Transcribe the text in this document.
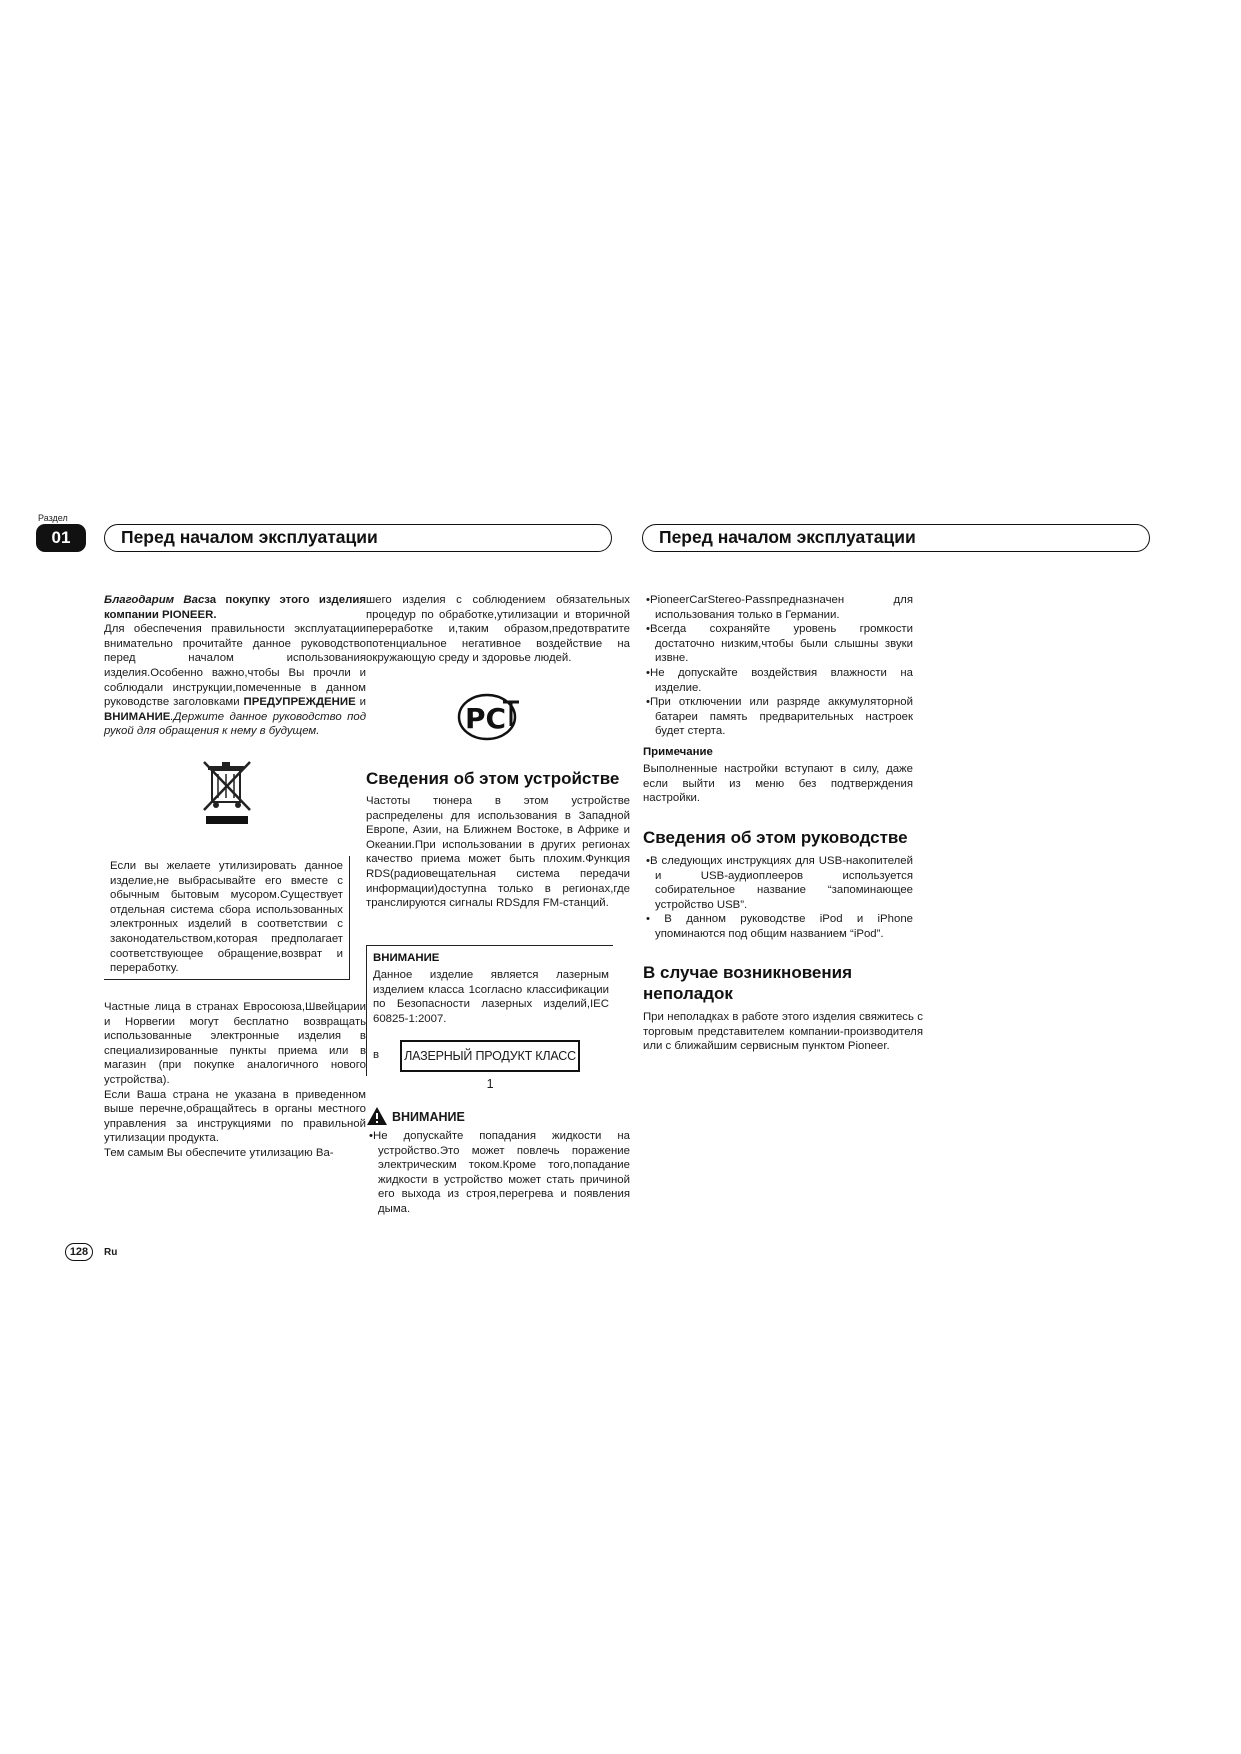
Раздел
01	Перед началом эксплуатации	Перед началом эксплуатации

Благодарим Васза покупку этого изделия компании PIONEER.

Для обеспечения правильности эксплуатации внимательно прочитайте данное руководство перед началом использования изделия.Особенно важно,чтобы Вы прочли и соблюдали инструкции,помеченные в данном руководстве заголовками ПРЕДУПРЕЖДЕНИЕ и ВНИМАНИЕ.Держите данное руководство под рукой для обращения к нему в будущем.

Если вы желаете утилизировать данное изделие,не выбрасывайте его вместе с обычным бытовым мусором.Существует отдельная система сбора использованных электронных изделий в соответствии с законодательством,которая предполагает соответствующее обращение,возврат и переработку.

Частные лица в странах Евросоюза,Швейцарии и Норвегии могут бесплатно возвращать использованные электронные изделия в специализированные пункты приема или в магазин (при покупке аналогичного нового устройства).

Если Ваша страна не указана в приведенном выше перечне,обращайтесь в органы местного управления за инструкциями по правильной утилизации продукта.

Тем самым Вы обеспечите утилизацию Ва-

шего изделия с соблюдением обязательных процедур по обработке,утилизации и вторичной переработке и,таким образом,предотвратите потенциальное негативное воздействие на окружающую среду и здоровье людей.

PC
Сведения об этом устройстве

Частоты тюнера в этом устройстве распределены для использования в Западной Европе, Азии, на Ближнем Востоке, в Африке и Океании.При использовании в других регионах качество приема может быть плохим.Функция RDS(радиовещательная система передачи информации)доступна только в регионах,где транслируются сигналы RDSдля FM-станций.

ВНИМАНИЕ

Данное изделие является лазерным изделием класса 1согласно классификации по Безопасности лазерных изделий,IEC 60825-1:2007.

в	ЛАЗЕРНЫЙ ПРОДУКТ КЛАСС 1
ВНИМАНИЕ

•Не допускайте попадания жидкости на устройство.Это может повлечь поражение электрическим током.Кроме того,попадание жидкости в устройство может стать причиной его выхода из строя,перегрева и появления дыма.

•PioneerCarStereo-Passпредназначен для использования только в Германии.

•Всегда сохраняйте уровень громкости достаточно низким,чтобы были слышны звуки извне.

•Не допускайте воздействия влажности на изделие.

•При отключении или разряде аккумуляторной батареи память предварительных настроек будет стерта.

Примечание

Выполненные настройки вступают в силу, даже если выйти из меню без подтверждения настройки.

Сведения об этом руководстве

•В следующих инструкциях для USB-накопителей и USB-аудиоплееров используется собирательное название “запоминающее устройство USB”.

• В данном руководстве iPod и iPhone упоминаются под общим названием “iPod”.

В случае возникновения неполадок

При неполадках в работе этого изделия свяжитесь с торговым представителем компании-производителя или с ближайшим сервисным пунктом Pioneer.

128	Ru
